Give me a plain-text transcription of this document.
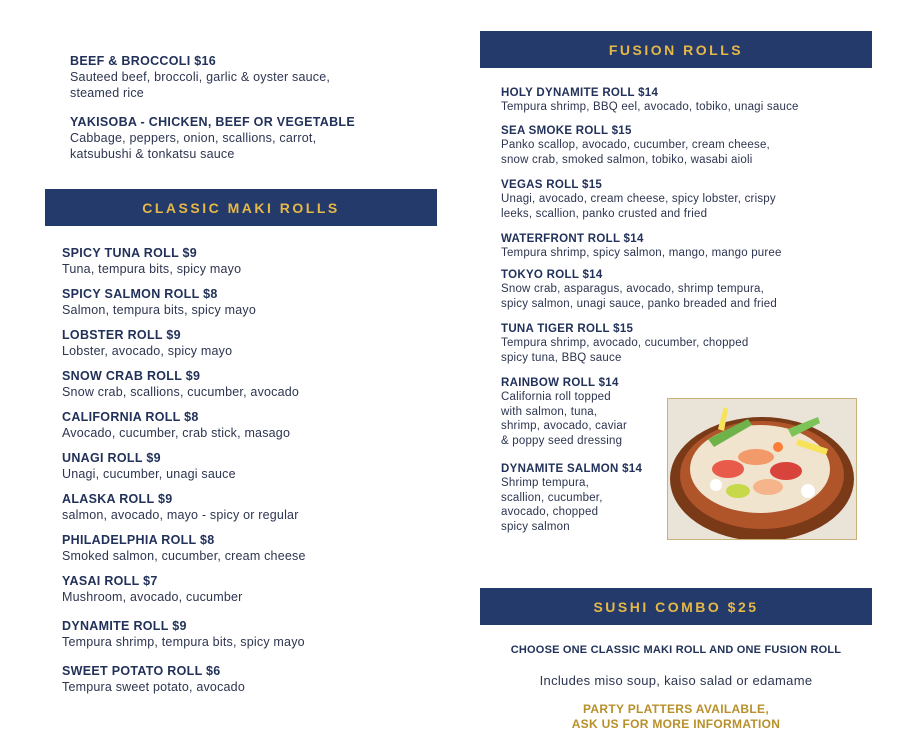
BEEF & BROCCOLI $16
Sauteed beef, broccoli, garlic & oyster sauce,
steamed rice
YAKISOBA - CHICKEN, BEEF OR VEGETABLE
Cabbage, peppers, onion, scallions, carrot,
katsubushi & tonkatsu sauce
CLASSIC MAKI ROLLS
SPICY TUNA ROLL $9
Tuna, tempura bits, spicy mayo
SPICY SALMON ROLL $8
Salmon, tempura bits, spicy mayo
LOBSTER ROLL $9
Lobster, avocado, spicy mayo
SNOW CRAB ROLL $9
Snow crab, scallions, cucumber, avocado
CALIFORNIA ROLL $8
Avocado, cucumber, crab stick, masago
UNAGI ROLL $9
Unagi, cucumber, unagi sauce
ALASKA ROLL $9
salmon, avocado, mayo - spicy or regular
PHILADELPHIA ROLL $8
Smoked salmon, cucumber, cream cheese
YASAI ROLL $7
Mushroom, avocado, cucumber
DYNAMITE ROLL $9
Tempura shrimp, tempura bits, spicy mayo
SWEET POTATO ROLL $6
Tempura sweet potato, avocado
FUSION ROLLS
HOLY DYNAMITE ROLL $14
Tempura shrimp, BBQ eel, avocado, tobiko, unagi sauce
SEA SMOKE ROLL $15
Panko scallop, avocado, cucumber, cream cheese,
snow crab, smoked salmon, tobiko, wasabi aioli
VEGAS ROLL $15
Unagi, avocado, cream cheese, spicy lobster, crispy
leeks, scallion, panko crusted and fried
WATERFRONT ROLL $14
Tempura shrimp, spicy salmon, mango, mango puree
TOKYO ROLL $14
Snow crab, asparagus, avocado, shrimp tempura,
spicy salmon, unagi sauce, panko breaded and fried
TUNA TIGER ROLL $15
Tempura shrimp, avocado, cucumber, chopped
spicy tuna, BBQ sauce
RAINBOW ROLL $14
California roll topped
with salmon, tuna,
shrimp, avocado, caviar
& poppy seed dressing
DYNAMITE SALMON $14
Shrimp tempura,
scallion, cucumber,
avocado, chopped
spicy salmon
SUSHI COMBO $25
CHOOSE ONE CLASSIC MAKI ROLL AND ONE FUSION ROLL
Includes miso soup, kaiso salad or edamame
PARTY PLATTERS AVAILABLE,
ASK US FOR MORE INFORMATION
